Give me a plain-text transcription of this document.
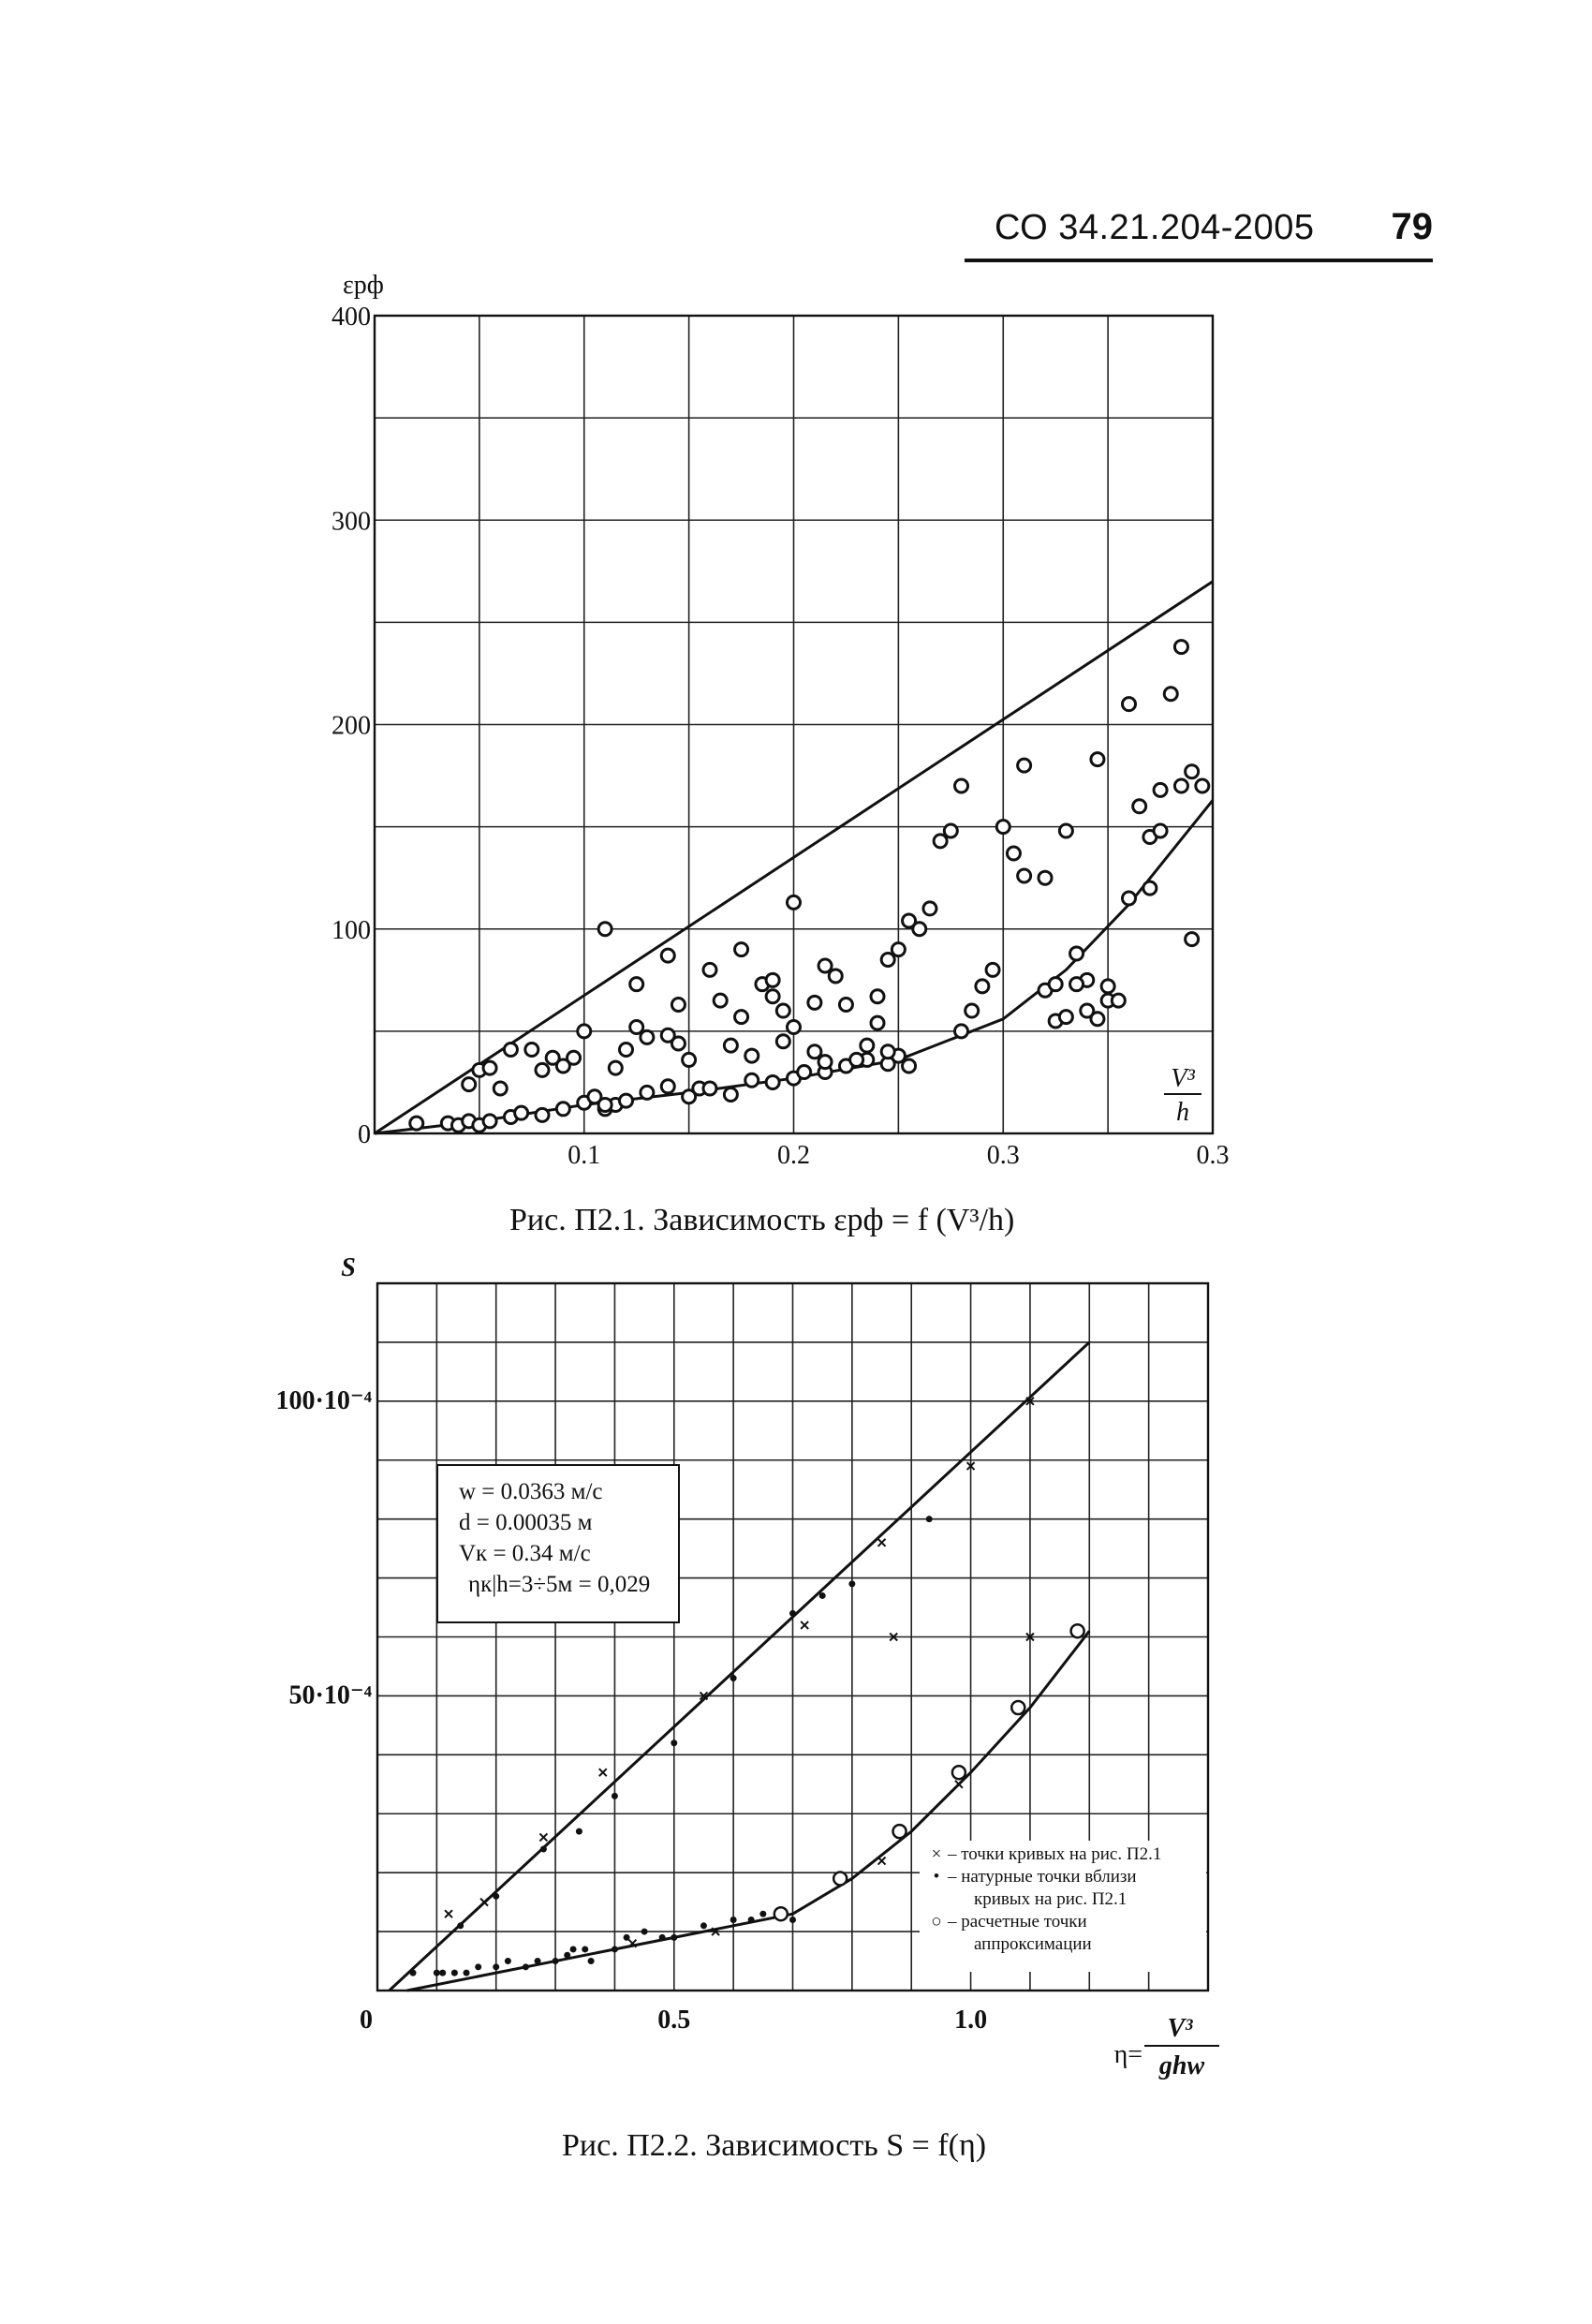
СО 34.21.204-2005 79
0
100
200
300
400
0.1	0.2	0.3	0.3
εрф
V³
h
Рис. П2.1. Зависимость εрф = f (V³/h)
100·10⁻⁴
50·10⁻⁴
0	0.5	1.0
S
η=
V³
ghw
w = 0.0363 м/с
d = 0.00035 м
Vк = 0.34 м/с
ηк|h=3÷5м = 0,029
× – точки кривых на рис. П2.1
• – натурные точки вблизи
кривых на рис. П2.1
○ – расчетные точки
аппроксимации
Рис. П2.2. Зависимость S = f(η)
